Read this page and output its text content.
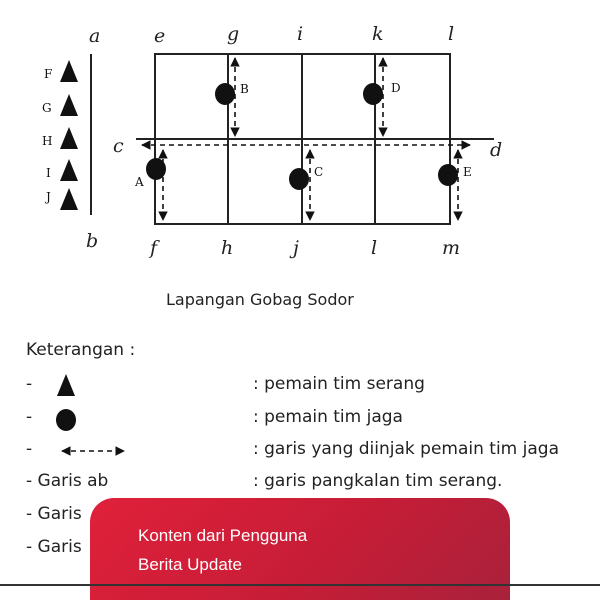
B	D
A
C	E
F
G
H
I
J
a	e	g	i	k	l
c	d
b	f	h	j	l	m
Lapangan Gobag Sodor
Keterangan :
-	: pemain tim serang
-	: pemain tim jaga
-	: garis yang diinjak pemain tim jaga
- Garis ab	: garis pangkalan tim serang.
- Garis
- Garis
Konten dari Pengguna
Berita Update
